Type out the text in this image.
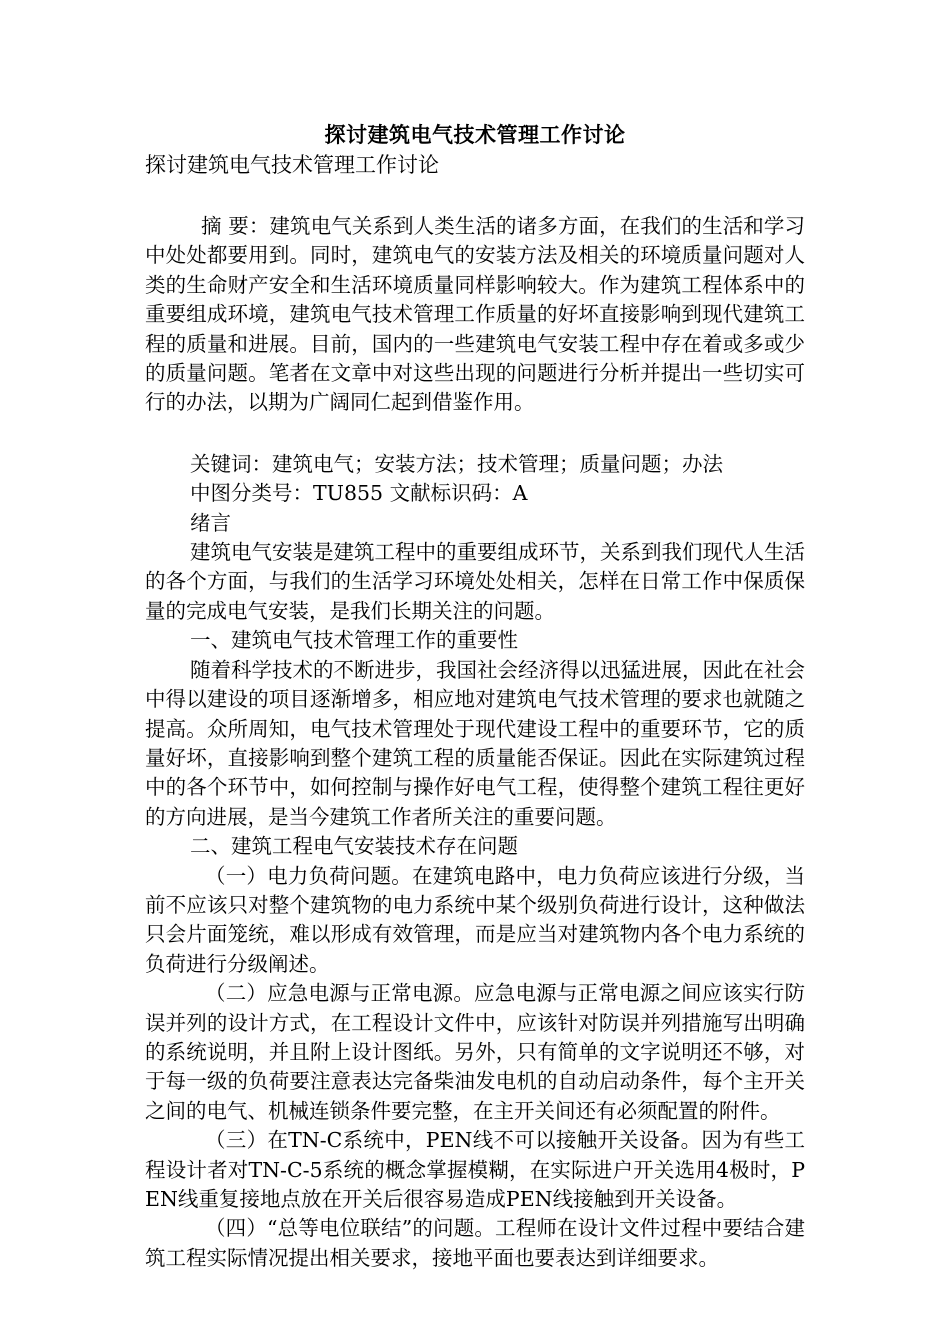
探讨建筑电气技术管理工作讨论
探讨建筑电气技术管理工作讨论

摘 要：建筑电气关系到人类生活的诸多方面，在我们的生活和学习中处处都要用到。同时，建筑电气的安装方法及相关的环境质量问题对人类的生命财产安全和生活环境质量同样影响较大。作为建筑工程体系中的重要组成环境，建筑电气技术管理工作质量的好坏直接影响到现代建筑工程的质量和进展。目前，国内的一些建筑电气安装工程中存在着或多或少的质量问题。笔者在文章中对这些出现的问题进行分析并提出一些切实可行的办法，以期为广阔同仁起到借鉴作用。

关键词：建筑电气；安装方法；技术管理；质量问题；办法

中图分类号：TU855 文献标识码：A

绪言

建筑电气安装是建筑工程中的重要组成环节，关系到我们现代人生活的各个方面，与我们的生活学习环境处处相关，怎样在日常工作中保质保量的完成电气安装，是我们长期关注的问题。

一、建筑电气技术管理工作的重要性

随着科学技术的不断进步，我国社会经济得以迅猛进展，因此在社会中得以建设的项目逐渐增多，相应地对建筑电气技术管理的要求也就随之提高。众所周知，电气技术管理处于现代建设工程中的重要环节，它的质量好坏，直接影响到整个建筑工程的质量能否保证。因此在实际建筑过程中的各个环节中，如何控制与操作好电气工程，使得整个建筑工程往更好的方向进展，是当今建筑工作者所关注的重要问题。

二、建筑工程电气安装技术存在问题

（一）电力负荷问题。在建筑电路中，电力负荷应该进行分级，当前不应该只对整个建筑物的电力系统中某个级别负荷进行设计，这种做法只会片面笼统，难以形成有效管理，而是应当对建筑物内各个电力系统的负荷进行分级阐述。

（二）应急电源与正常电源。应急电源与正常电源之间应该实行防误并列的设计方式，在工程设计文件中，应该针对防误并列措施写出明确的系统说明，并且附上设计图纸。另外，只有简单的文字说明还不够，对于每一级的负荷要注意表达完备柴油发电机的自动启动条件，每个主开关之间的电气、机械连锁条件要完整，在主开关间还有必须配置的附件。

（三）在TN-C系统中，PEN线不可以接触开关设备。因为有些工程设计者对TN-C-5系统的概念掌握模糊，在实际进户开关选用4极时，PEN线重复接地点放在开关后很容易造成PEN线接触到开关设备。

（四）“总等电位联结”的问题。工程师在设计文件过程中要结合建筑工程实际情况提出相关要求，接地平面也要表达到详细要求。
